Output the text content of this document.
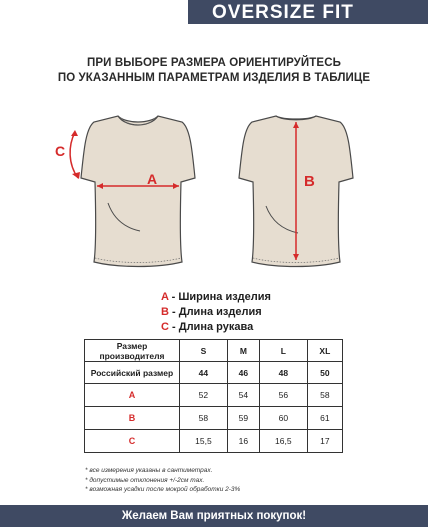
OVERSIZE FIT
ПРИ ВЫБОРЕ РАЗМЕРА ОРИЕНТИРУЙТЕСЬ
ПО УКАЗАННЫМ ПАРАМЕТРАМ ИЗДЕЛИЯ В ТАБЛИЦЕ
A
C
B
A - Ширина изделия
B - Длина изделия
C - Длина рукава
Размер производителя	S	M	L	XL
Российский размер	44	46	48	50
A	52	54	56	58
B	58	59	60	61
C	15,5	16	16,5	17
* все измерения указаны в сантиметрах.
* допустимые отклонения +/-2см max.
* возможная усадки после мокрой обработки 2-3%
Желаем Вам приятных покупок!
